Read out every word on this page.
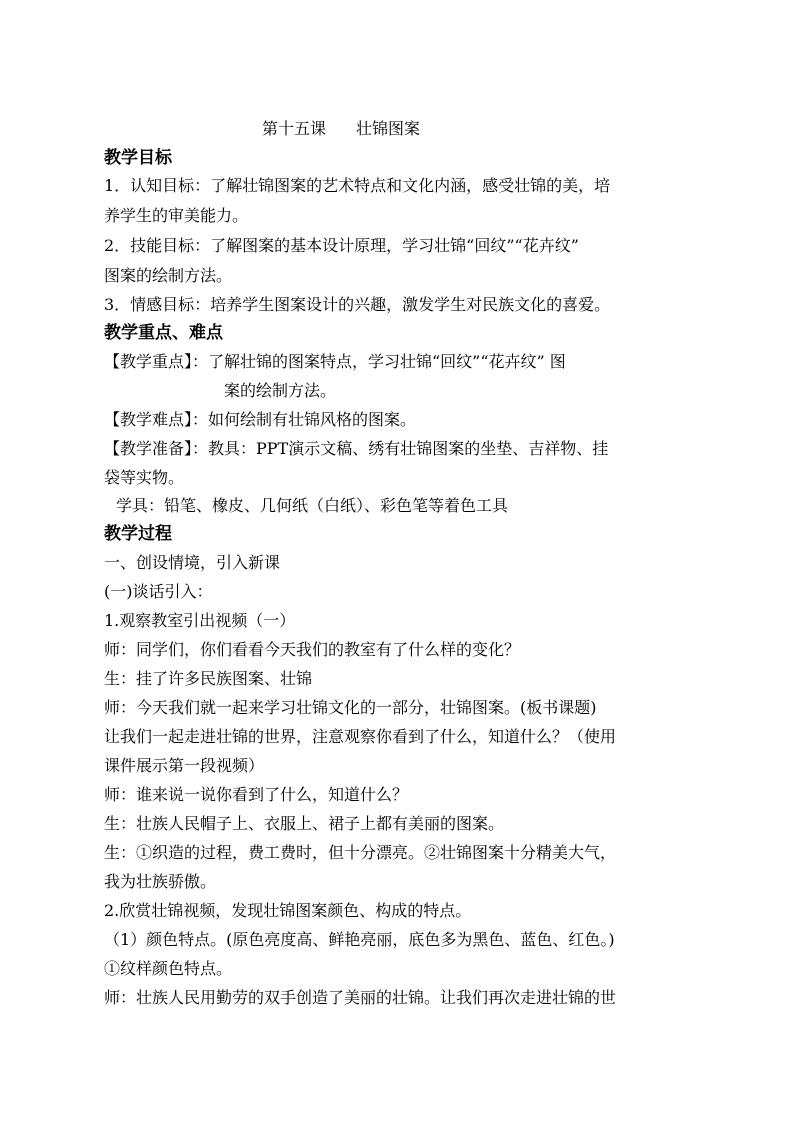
第十五课 壮锦图案
教学目标
1．认知目标：了解壮锦图案的艺术特点和文化内涵，感受壮锦的美，培
养学生的审美能力。
2．技能目标：了解图案的基本设计原理，学习壮锦“回纹”“花卉纹”
图案的绘制方法。
3．情感目标：培养学生图案设计的兴趣，激发学生对民族文化的喜爱。
教学重点、难点
【教学重点】：了解壮锦的图案特点，学习壮锦“回纹”“花卉纹” 图
案的绘制方法。
【教学难点】：如何绘制有壮锦风格的图案。
【教学准备】：教具：PPT演示文稿、绣有壮锦图案的坐垫、吉祥物、挂
袋等实物。
学具：铅笔、橡皮、几何纸（白纸）、彩色笔等着色工具
教学过程
一、创设情境，引入新课
(一)谈话引入：
1.观察教室引出视频（一）
师：同学们，你们看看今天我们的教室有了什么样的变化？
生：挂了许多民族图案、壮锦
师：今天我们就一起来学习壮锦文化的一部分，壮锦图案。(板书课题)
让我们一起走进壮锦的世界，注意观察你看到了什么，知道什么？（使用
课件展示第一段视频）
师：谁来说一说你看到了什么，知道什么？
生：壮族人民帽子上、衣服上、裙子上都有美丽的图案。
生：①织造的过程，费工费时，但十分漂亮。②壮锦图案十分精美大气，
我为壮族骄傲。
2.欣赏壮锦视频，发现壮锦图案颜色、构成的特点。
（1）颜色特点。(原色亮度高、鲜艳亮丽，底色多为黑色、蓝色、红色。)
①纹样颜色特点。
师：壮族人民用勤劳的双手创造了美丽的壮锦。让我们再次走进壮锦的世
